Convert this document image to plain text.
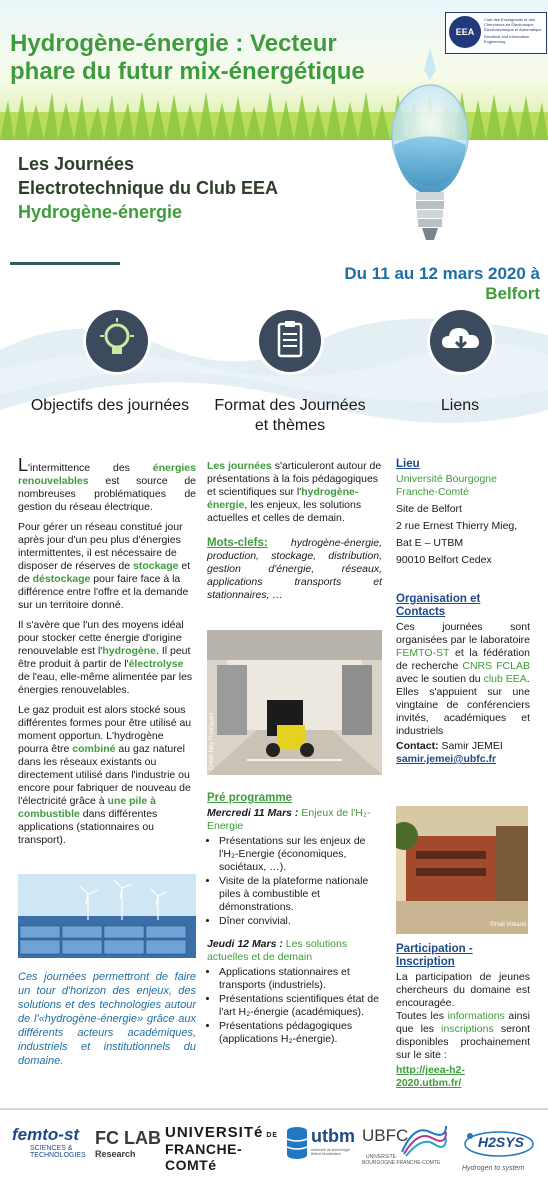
Hydrogène-énergie : Vecteur
phare du futur mix-énergétique
EEA
Club des Enseignants et des Chercheurs en Électronique, Électrotechnique et Automatique
Electrical and Information Engineering
Les Journées
Electrotechnique du Club EEA
Hydrogène-énergie
Du 11 au 12 mars 2020 à Belfort
Objectifs des journées	Format des Journées et thèmes
Liens

L'intermittence des énergies renouvelables est source de nombreuses problématiques de gestion du réseau électrique.

Pour gérer un réseau constitué jour après jour d'un peu plus d'énergies intermittentes, il est nécessaire de disposer de réserves de stockage et de déstockage pour faire face à la différence entre l'offre et la demande sur un territoire donné.

Il s'avère que l'un des moyens idéal pour stocker cette énergie d'origine renouvelable est l'hydrogène. Il peut être produit à partir de l'électrolyse de l'eau, elle-même alimentée par les énergies renouvelables.

Le gaz produit est alors stocké sous différentes formes pour être utilisé au moment opportun. L'hydrogène pourra être combiné au gaz naturel dans les réseaux existants ou directement utilisé dans l'industrie ou encore pour fabriquer de nouveau de l'électricité grâce à une pile à combustible dans différentes applications (stationnaires ou transport).

Ces journées permettront de faire un tour d'horizon des enjeux, des solutions et des technologies autour de l'«hydrogène-énergie» grâce aux différents acteurs académiques, industriels et institutionnels du domaine.

Les journées s'articuleront autour de présentations à la fois pédagogiques et scientifiques sur l'hydrogène-énergie, les enjeux, les solutions actuelles et celles de demain.

Mots-clefs: hydrogène-énergie, production, stockage, distribution, gestion d'énergie, réseaux, applications transports et stationnaires, …

Crédit Ney Rodrigues
Pré programme
Mercredi 11 Mars : Enjeux de l'H₂-Energie
• Présentations sur les enjeux de l'H₂-Energie (économiques, sociétaux, …).
• Visite de la plateforme nationale piles à combustible et démonstrations.
• Dîner convivial.
Jeudi 12 Mars : Les solutions actuelles et de demain
• Applications stationnaires et transports (industriels).
• Présentations scientifiques état de l'art H₂-énergie (académiques).
• Présentations pédagogiques (applications H₂-énergie).
Lieu
Université Bourgogne Franche-Comté
Site de Belfort
2 rue Ernest Thierry Mieg,
Bat E – UTBM
90010 Belfort Cedex
Organisation et Contacts

Ces journées sont organisées par le laboratoire FEMTO-ST et la fédération de recherche CNRS FCLAB avec le soutien du club EEA.

Elles s'appuient sur une vingtaine de conférenciers invités, académiques et industriels

Contact: Samir JEMEI
samir.jemei@ubfc.fr
©Hall Vokano
Participation - Inscription

La participation de jeunes chercheurs du domaine est encouragée.

Toutes les informations ainsi que les inscriptions seront disponibles prochainement sur le site :

http://jeea-h2-2020.utbm.fr/
femto-st
SCIENCES &
TECHNOLOGIES
FC LAB
Research
UNIVERSITé DE
FRANCHE-COMTé
utbm
université de technologie Belfort-Montbéliard
UBFC
UNIVERSITE
BOURGOGNE FRANCHE-COMTE
H2SYS
Hydrogen to system
